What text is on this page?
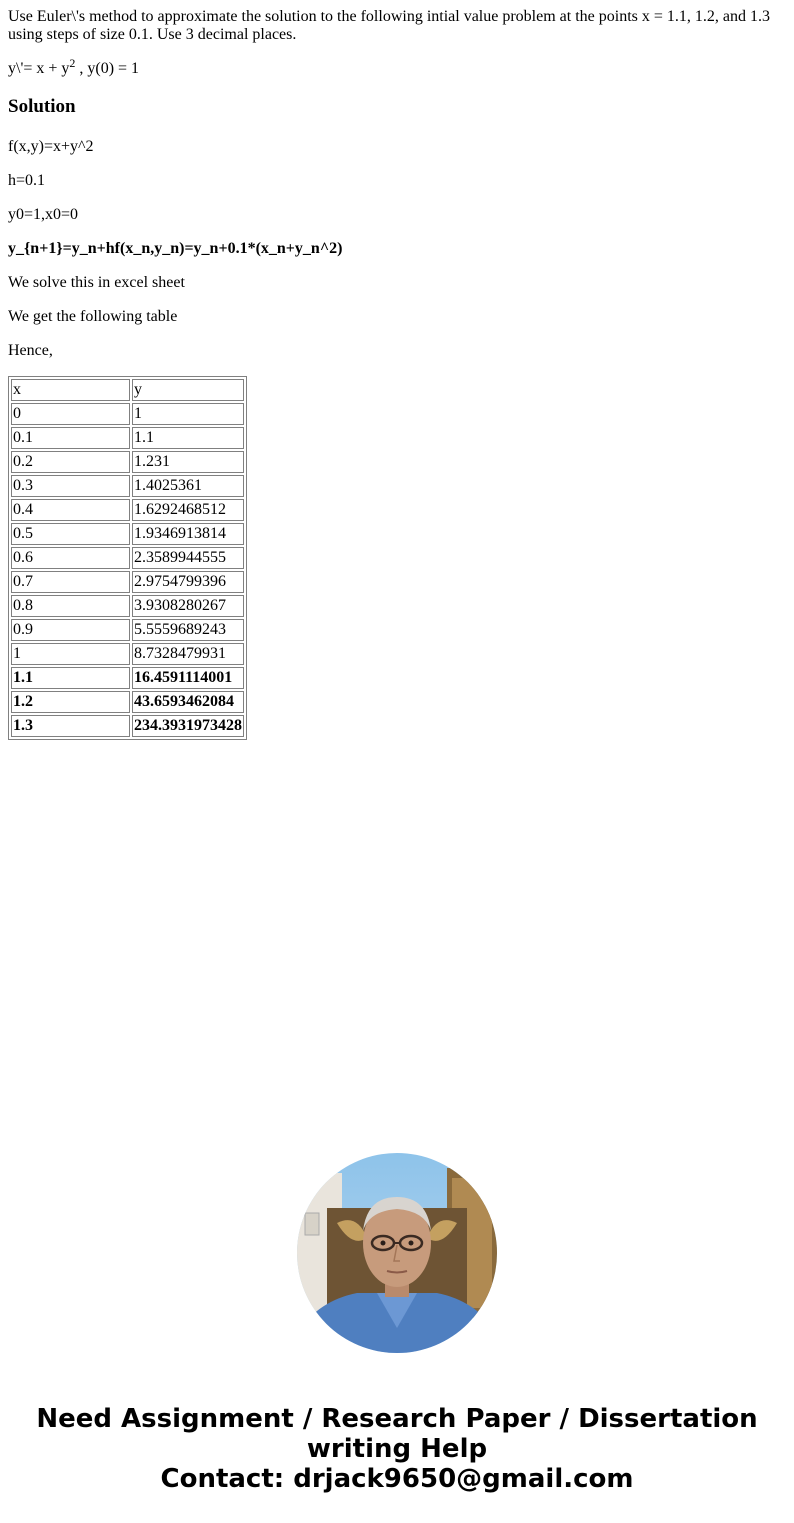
Use Euler\'s method to approximate the solution to the following intial value problem at the points x = 1.1, 1.2, and 1.3 using steps of size 0.1. Use 3 decimal places.

y\'= $x + y^2$ , y(0) = 1

Solution

f(x,y)=x+y^2

h=0.1

y0=1,x0=0

y_{n+1}=y_n+hf(x_n,y_n)=y_n+0.1*(x_n+y_n^2)

We solve this in excel sheet

We get the following table

Hence,

x	y
0	1
0.1	1.1
0.2	1.231
0.3	1.4025361
0.4	1.6292468512
0.5	1.9346913814
0.6	2.3589944555
0.7	2.9754799396
0.8	3.9308280267
0.9	5.5559689243
1	8.7328479931
1.1	16.4591114001
1.2	43.6593462084
1.3	234.3931973428
Need Assignment / Research Paper / Dissertation
writing Help
Contact: drjack9650@gmail.com
